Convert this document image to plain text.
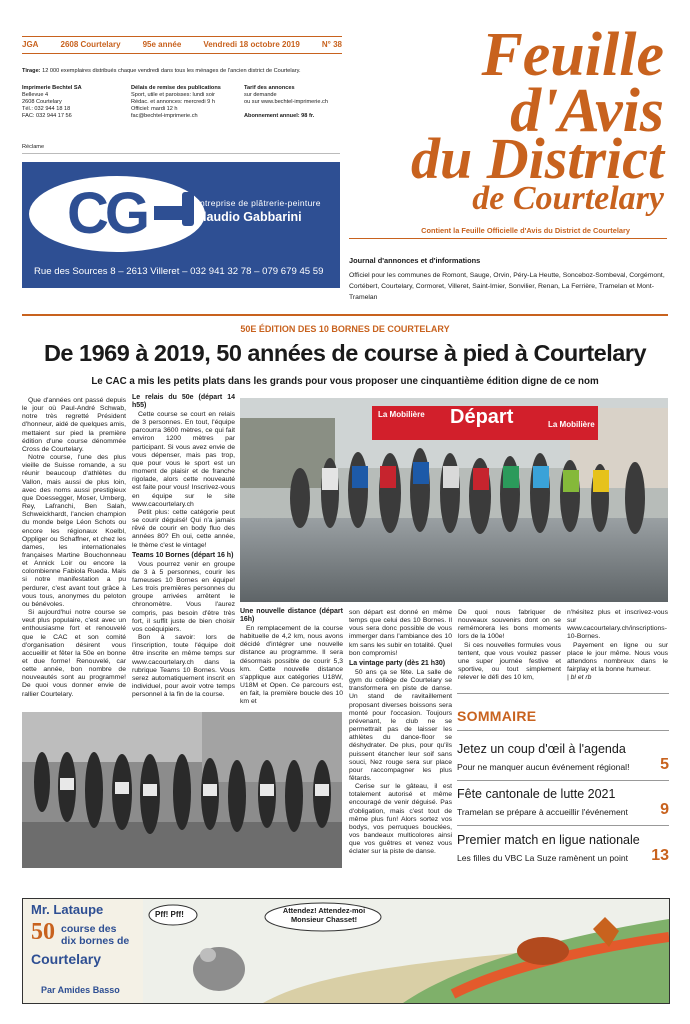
JGA	2608 Courtelary	95e année	Vendredi 18 octobre 2019	N° 38
Tirage: 12 000 exemplaires distribués chaque vendredi dans tous les ménages de l'ancien district de Courtelary.
Imprimerie Bechtel SA
Bellevue 4
2608 Courtelary
Tél.: 032 944 18 18
FAC: 032 944 17 56
Délais de remise des publications
Sport, utile et paroisses: lundi soir
Rédac. et annonces: mercredi 9 h
Officiel: mardi 12 h
fac@bechtel-imprimerie.ch
Tarif des annonces
sur demande
ou sur www.bechtel-imprimerie.ch
Abonnement annuel: 98 fr.
Réclame
CG	Entreprise de plâtrerie-peinture
Claudio Gabbarini
Rue des Sources 8 – 2613 Villeret – 032 941 32 78 – 079 679 45 59
Feuille
d'Avis
du District
de Courtelary
Contient la Feuille Officielle d'Avis du District de Courtelary
Journal d'annonces et d'informations
Officiel pour les communes de Romont, Sauge, Orvin, Péry-La Heutte, Sonceboz-Sombeval, Corgémont, Cortébert, Courtelary, Cormoret, Villeret, Saint-Imier, Sonvilier, Renan, La Ferrière, Tramelan et Mont-Tramelan
50E ÉDITION DES 10 BORNES DE COURTELARY
De 1969 à 2019, 50 années de course à pied à Courtelary
Le CAC a mis les petits plats dans les grands pour vous proposer une cinquantième édition digne de ce nom

Que d'années ont passé depuis le jour où Paul-André Schwab, notre très regretté Président d'honneur, aidé de quelques amis, mettaient sur pied la première édition d'une course dénommée Cross de Courtelary.

Notre course, l'une des plus vieille de Suisse romande, a su réunir beaucoup d'athlètes du Vallon, mais aussi de plus loin, avec des noms aussi prestigieux que Doessegger, Moser, Umberg, Rey, Lafranchi, Ben Salah, Schweickhardt, l'ancien champion du monde belge Léon Schots ou encore les régionaux Koelbl, Oppliger ou Schaffner, et chez les dames, les internationales françaises Martine Bouchonneau et Annick Loir ou encore la colombienne Fabiola Rueda. Mais si notre manifestation a pu perdurer, c'est avant tout grâce à vous tous, anonymes du peloton ou bénévoles.

Si aujourd'hui notre course se veut plus populaire, c'est avec un enthousiasme fort et renouvelé que le CAC et son comité d'organisation désirent vous accueillir et fêter la 50e en bonne et due forme! Renouvelé, car cette année, bon nombre de nouveautés sont au programme! De quoi vous donner envie de rallier Courtelary.

Le relais du 50e (départ 14 h55)

Cette course se court en relais de 3 personnes. En tout, l'équipe parcourra 3600 mètres, ce qui fait environ 1200 mètres par participant. Si vous avez envie de vous dépenser, mais pas trop, que pour vous le sport est un moment de plaisir et de franche rigolade, alors cette nouveauté est faite pour vous! Inscrivez-vous en équipe sur le site www.cacourtelary.ch

Petit plus: cette catégorie peut se courir déguisé! Qui n'a jamais rêvé de courir en body fluo des années 80? Eh oui, cette année, le thème c'est le vintage!

Teams 10 Bornes (départ 16 h)

Vous pourrez venir en groupe de 3 à 5 personnes, courir les fameuses 10 Bornes en équipe! Les trois premières personnes du groupe arrivées arrêtent le chronomètre. Vous l'aurez compris, pas besoin d'être très fort, il suffit juste de bien choisir vos coéquipiers.

Bon à savoir: lors de l'inscription, toute l'équipe doit être inscrite en même temps sur www.cacourtelary.ch dans la rubrique Teams 10 Bornes. Vous serez automatiquement inscrit en individuel, pour avoir votre temps personnel à la fin de la course.

La Mobilière Départ	La Mobilière
Une nouvelle distance (départ 16h)

En remplacement de la course habituelle de 4,2 km, nous avons décidé d'intégrer une nouvelle distance au programme. Il sera désormais possible de courir 5,3 km. Cette nouvelle distance s'applique aux catégories U18W, U18M et Open. Ce parcours est, en fait, la première boucle des 10 km et

son départ est donné en même temps que celui des 10 Bornes. Il vous sera donc possible de vous immerger dans l'ambiance des 10 km sans les subir en totalité. Quel bon compromis!

La vintage party (dès 21 h30)

50 ans ça se fête. La salle de gym du collège de Courtelary se transformera en piste de danse. Un stand de ravitaillement proposant diverses boissons sera monté pour l'occasion. Toujours prévenant, le club ne se permettrait pas de laisser les athlètes du dance-floor se déshydrater. De plus, pour qu'ils puissent étancher leur soif sans souci, Nez rouge sera sur place pour raccompagner les plus fêtards.

Cerise sur le gâteau, il est totalement autorisé et même encouragé de venir déguisé. Pas d'obligation, mais c'est tout de même plus fun! Alors sortez vos bodys, vos perruques bouclées, vos bandeaux multicolores ainsi que vos guêtres et venez vous éclater sur la piste de danse.

De quoi nous fabriquer de nouveaux souvenirs dont on se remémorera les bons moments lors de la 100e!

Si ces nouvelles formules vous tentent, que vous voulez passer une super journée festive et sportive, ou tout simplement relever le défi des 10 km,

n'hésitez plus et inscrivez-vous sur www.cacourtelary.ch/inscriptions-10-Bornes.

Payement en ligne ou sur place le jour même. Nous vous attendons nombreux dans le fairplay et la bonne humeur.

| bl et rb

SOMMAIRE
Jetez un coup d'œil à l'agenda
Pour ne manquer aucun événement régional!	5
Fête cantonale de lutte 2021
Tramelan se prépare à accueillir l'événement	9
Premier match en ligue nationale
Les filles du VBC La Suze ramènent un point	13
Mr. Lataupe
50 course des
dix bornes de
Courtelary
Par Amides Basso
Pff! Pff!	Attendez! Attendez-moi Monsieur Chasset!
